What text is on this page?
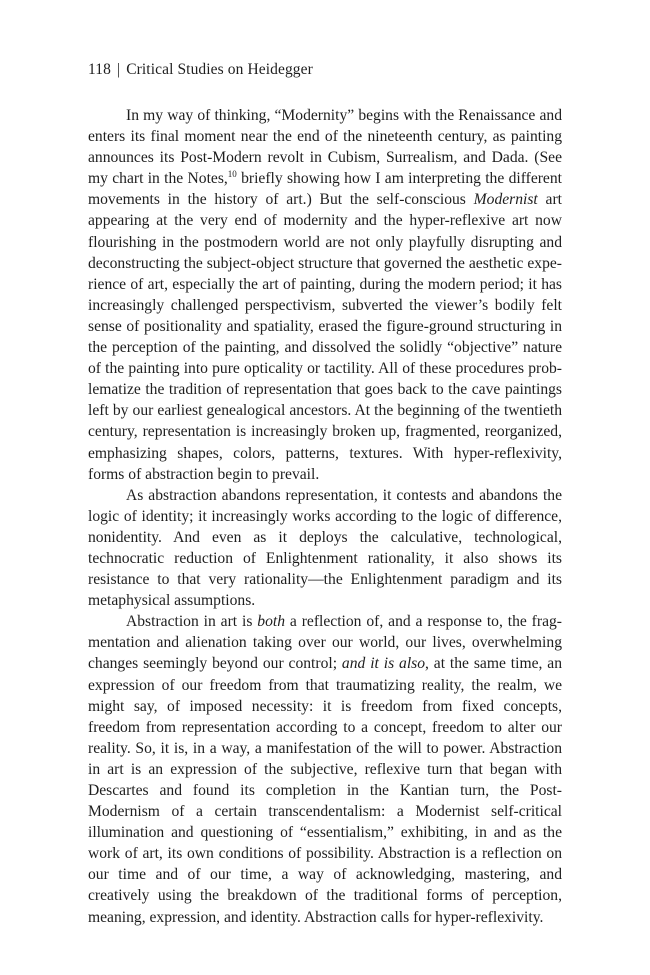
118 | Critical Studies on Heidegger

In my way of thinking, “Modernity” begins with the Renaissance and enters its final moment near the end of the nineteenth century, as painting announces its Post-Modern revolt in Cubism, Surrealism, and Dada. (See my chart in the Notes,$^{10}$ briefly showing how I am interpreting the different movements in the history of art.) But the self-conscious Modernist art appearing at the very end of modernity and the hyper-reflexive art now flourishing in the postmodern world are not only playfully disrupting and deconstructing the subject-object structure that governed the aesthetic experience of art, especially the art of painting, during the modern period; it has increasingly challenged perspectivism, subverted the viewer’s bodily felt sense of positionality and spatiality, erased the figure-ground structuring in the perception of the painting, and dissolved the solidly “objective” nature of the painting into pure opticality or tactility. All of these procedures problematize the tradition of representation that goes back to the cave paintings left by our earliest genealogical ancestors. At the beginning of the twentieth century, representation is increasingly broken up, fragmented, reorganized, emphasizing shapes, colors, patterns, textures. With hyper-reflexivity, forms of abstraction begin to prevail.

As abstraction abandons representation, it contests and abandons the logic of identity; it increasingly works according to the logic of difference, nonidentity. And even as it deploys the calculative, technological, technocratic reduction of Enlightenment rationality, it also shows its resistance to that very rationality—the Enlightenment paradigm and its metaphysical assumptions.

Abstraction in art is both a reflection of, and a response to, the fragmentation and alienation taking over our world, our lives, overwhelming changes seemingly beyond our control; and it is also, at the same time, an expression of our freedom from that traumatizing reality, the realm, we might say, of imposed necessity: it is freedom from fixed concepts, freedom from representation according to a concept, freedom to alter our reality. So, it is, in a way, a manifestation of the will to power. Abstraction in art is an expression of the subjective, reflexive turn that began with Descartes and found its completion in the Kantian turn, the Post-Modernism of a certain transcendentalism: a Modernist self-critical illumination and questioning of “essentialism,” exhibiting, in and as the work of art, its own conditions of possibility. Abstraction is a reflection on our time and of our time, a way of acknowledging, mastering, and creatively using the breakdown of the traditional forms of perception, meaning, expression, and identity. Abstraction calls for hyper-reflexivity.
